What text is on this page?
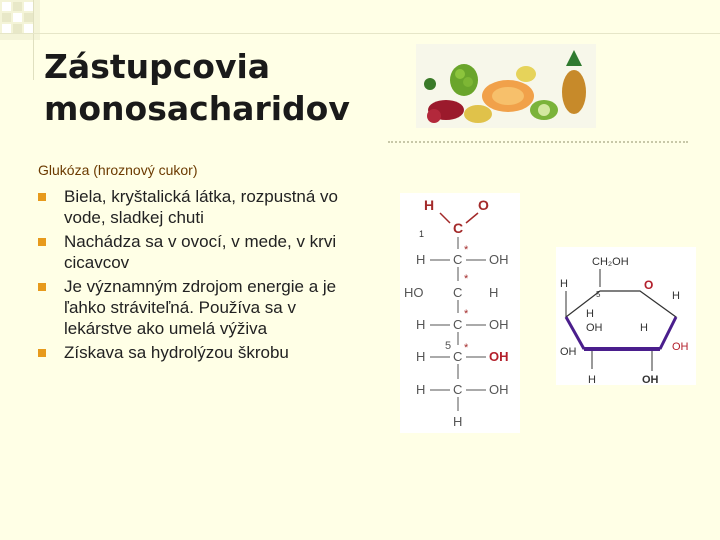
Zástupcovia
monosacharidov
Glukóza (hroznový cukor)
Biela, kryštalická látka, rozpustná vo vode, sladkej chuti
Nachádza sa v ovocí, v mede, v krvi cicavcov
Je významným zdrojom energie a je ľahko stráviteľná. Používa sa v lekárstve ako umelá výživa
Získava sa hydrolýzou škrobu
H	O
1 C
*
H C OH
*
HO C H
*
H C OH
5 *
H C OH
H C OH
H
CH₂OH
H
5
O
H
H
OH	H
OH
OH
H	OH
